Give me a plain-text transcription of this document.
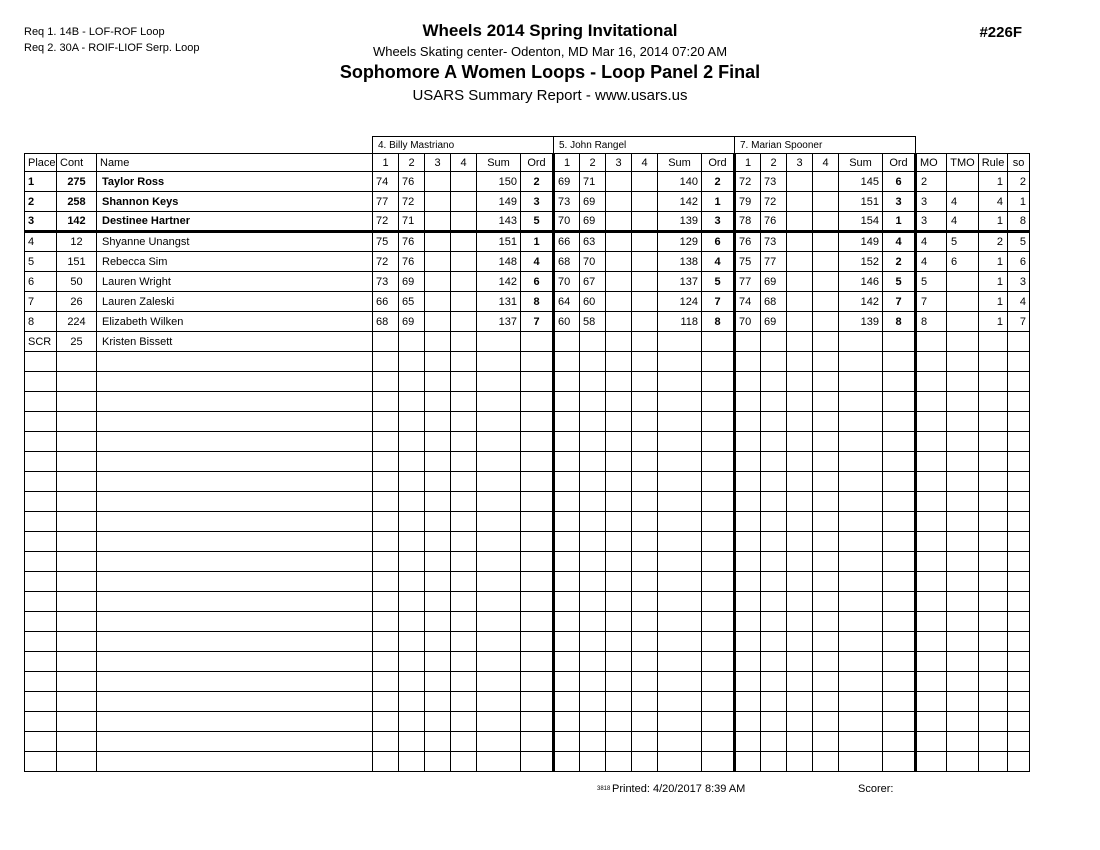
Req 1. 14B - LOF-ROF Loop
Req 2. 30A - ROIF-LIOF Serp. Loop
Wheels 2014 Spring Invitational
Wheels Skating center- Odenton, MD Mar 16, 2014 07:20 AM
Sophomore A Women Loops - Loop Panel 2 Final
USARS Summary Report - www.usars.us
#226F
			4. Billy Mastriano						5. John Rangel						7. Marian Spooner									
Place	Cont	Name	1	2	3	4	Sum	Ord	1	2	3	4	Sum	Ord	1	2	3	4	Sum	Ord	MO	TMO	Rule	so
1	275	Taylor Ross	74	76			150	2	69	71			140	2	72	73			145	6	2		1	2
2	258	Shannon Keys	77	72			149	3	73	69			142	1	79	72			151	3	3	4	4	1
3	142	Destinee Hartner	72	71			143	5	70	69			139	3	78	76			154	1	3	4	1	8
4	12	Shyanne Unangst	75	76			151	1	66	63			129	6	76	73			149	4	4	5	2	5
5	151	Rebecca Sim	72	76			148	4	68	70			138	4	75	77			152	2	4	6	1	6
6	50	Lauren Wright	73	69			142	6	70	67			137	5	77	69			146	5	5		1	3
7	26	Lauren Zaleski	66	65			131	8	64	60			124	7	74	68			142	7	7		1	4
8	224	Elizabeth Wilken	68	69			137	7	60	58			118	8	70	69			139	8	8		1	7
SCR	25	Kristen Bissett																						

3818 Printed: 4/20/2017 8:39 AM	Scorer:
